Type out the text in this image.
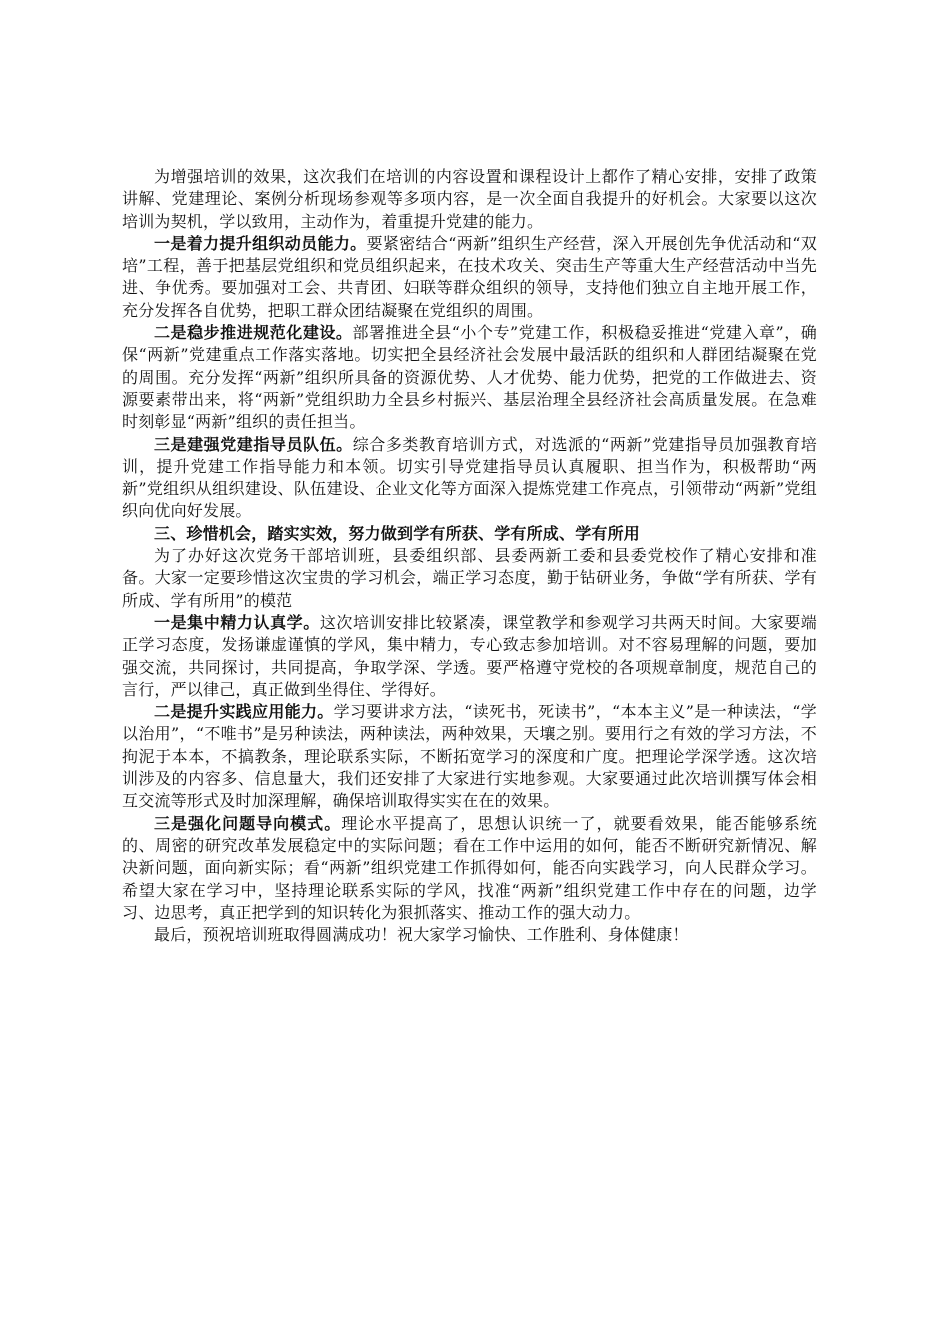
为增强培训的效果，这次我们在培训的内容设置和课程设计上都作了精心安排，安排了政策讲解、党建理论、案例分析现场参观等多项内容，是一次全面自我提升的好机会。大家要以这次培训为契机，学以致用，主动作为，着重提升党建的能力。

一是着力提升组织动员能力。要紧密结合“两新”组织生产经营，深入开展创先争优活动和“双培”工程，善于把基层党组织和党员组织起来，在技术攻关、突击生产等重大生产经营活动中当先进、争优秀。要加强对工会、共青团、妇联等群众组织的领导，支持他们独立自主地开展工作，充分发挥各自优势，把职工群众团结凝聚在党组织的周围。

二是稳步推进规范化建设。部署推进全县“小个专”党建工作，积极稳妥推进“党建入章”，确保“两新”党建重点工作落实落地。切实把全县经济社会发展中最活跃的组织和人群团结凝聚在党的周围。充分发挥“两新”组织所具备的资源优势、人才优势、能力优势，把党的工作做进去、资源要素带出来，将“两新”党组织助力全县乡村振兴、基层治理全县经济社会高质量发展。在急难时刻彰显“两新”组织的责任担当。

三是建强党建指导员队伍。综合多类教育培训方式，对选派的“两新”党建指导员加强教育培训，提升党建工作指导能力和本领。切实引导党建指导员认真履职、担当作为，积极帮助“两新”党组织从组织建设、队伍建设、企业文化等方面深入提炼党建工作亮点，引领带动“两新”党组织向优向好发展。

三、珍惜机会，踏实实效，努力做到学有所获、学有所成、学有所用

为了办好这次党务干部培训班，县委组织部、县委两新工委和县委党校作了精心安排和准备。大家一定要珍惜这次宝贵的学习机会，端正学习态度，勤于钻研业务，争做“学有所获、学有所成、学有所用”的模范

一是集中精力认真学。这次培训安排比较紧凑，课堂教学和参观学习共两天时间。大家要端正学习态度，发扬谦虚谨慎的学风，集中精力，专心致志参加培训。对不容易理解的问题，要加强交流，共同探讨，共同提高，争取学深、学透。要严格遵守党校的各项规章制度，规范自己的言行，严以律己，真正做到坐得住、学得好。

二是提升实践应用能力。学习要讲求方法，“读死书，死读书”，“本本主义”是一种读法，“学以治用”，“不唯书”是另种读法，两种读法，两种效果，天壤之别。要用行之有效的学习方法，不拘泥于本本，不搞教条，理论联系实际，不断拓宽学习的深度和广度。把理论学深学透。这次培训涉及的内容多、信息量大，我们还安排了大家进行实地参观。大家要通过此次培训撰写体会相互交流等形式及时加深理解，确保培训取得实实在在的效果。

三是强化问题导向模式。理论水平提高了，思想认识统一了，就要看效果，能否能够系统的、周密的研究改革发展稳定中的实际问题；看在工作中运用的如何，能否不断研究新情况、解决新问题，面向新实际；看“两新”组织党建工作抓得如何，能否向实践学习，向人民群众学习。希望大家在学习中，坚持理论联系实际的学风，找准“两新”组织党建工作中存在的问题，边学习、边思考，真正把学到的知识转化为狠抓落实、推动工作的强大动力。

最后，预祝培训班取得圆满成功！祝大家学习愉快、工作胜利、身体健康！
